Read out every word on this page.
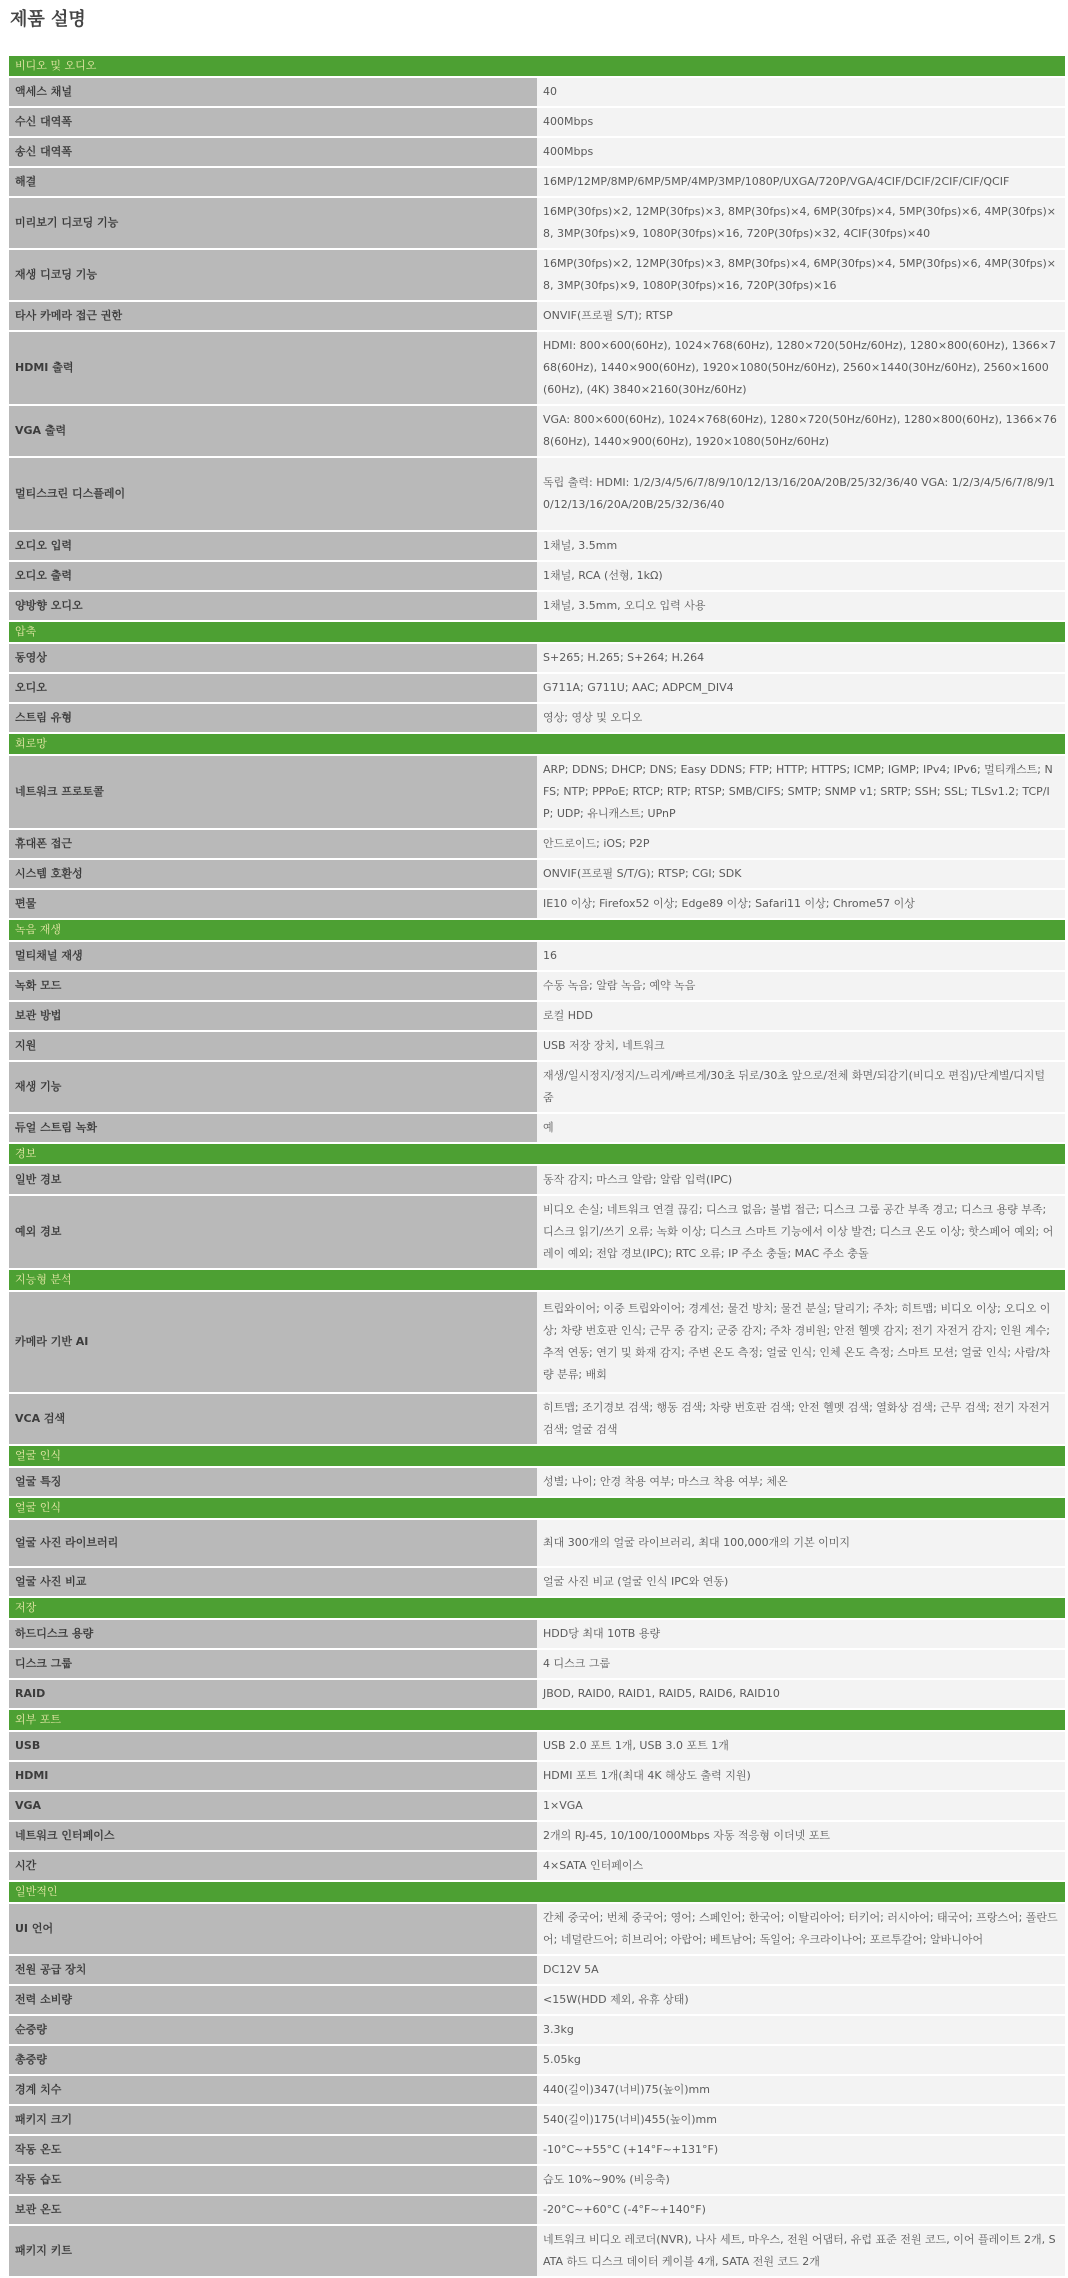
제품 설명
비디오 및 오디오	
액세스 채널	40
수신 대역폭	400Mbps
송신 대역폭	400Mbps
해결	16MP/12MP/8MP/6MP/5MP/4MP/3MP/1080P/UXGA/720P/VGA/4CIF/DCIF/2CIF/CIF/QCIF
미리보기 디코딩 기능	16MP(30fps)×2, 12MP(30fps)×3, 8MP(30fps)×4, 6MP(30fps)×4, 5MP(30fps)×6, 4MP(30fps)×8, 3MP(30fps)×9, 1080P(30fps)×16, 720P(30fps)×32, 4CIF(30fps)×40
재생 디코딩 기능	16MP(30fps)×2, 12MP(30fps)×3, 8MP(30fps)×4, 6MP(30fps)×4, 5MP(30fps)×6, 4MP(30fps)×8, 3MP(30fps)×9, 1080P(30fps)×16, 720P(30fps)×16
타사 카메라 접근 권한	ONVIF(프로필 S/T); RTSP
HDMI 출력	HDMI: 800×600(60Hz), 1024×768(60Hz), 1280×720(50Hz/60Hz), 1280×800(60Hz), 1366×768(60Hz), 1440×900(60Hz), 1920×1080(50Hz/60Hz), 2560×1440(30Hz/60Hz), 2560×1600(60Hz), (4K) 3840×2160(30Hz/60Hz)
VGA 출력	VGA: 800×600(60Hz), 1024×768(60Hz), 1280×720(50Hz/60Hz), 1280×800(60Hz), 1366×768(60Hz), 1440×900(60Hz), 1920×1080(50Hz/60Hz)
멀티스크린 디스플레이	독립 출력: HDMI: 1/2/3/4/5/6/7/8/9/10/12/13/16/20A/20B/25/32/36/40 VGA: 1/2/3/4/5/6/7/8/9/10/12/13/16/20A/20B/25/32/36/40
오디오 입력	1채널, 3.5mm
오디오 출력	1채널, RCA (선형, 1kΩ)
양방향 오디오	1채널, 3.5mm, 오디오 입력 사용
압축	
동영상	S+265; H.265; S+264; H.264
오디오	G711A; G711U; AAC; ADPCM_DIV4
스트림 유형	영상; 영상 및 오디오
회로망	
네트워크 프로토콜	ARP; DDNS; DHCP; DNS; Easy DDNS; FTP; HTTP; HTTPS; ICMP; IGMP; IPv4; IPv6; 멀티캐스트; NFS; NTP; PPPoE; RTCP; RTP; RTSP; SMB/CIFS; SMTP; SNMP v1; SRTP; SSH; SSL; TLSv1.2; TCP/IP; UDP; 유니캐스트; UPnP
휴대폰 접근	안드로이드; iOS; P2P
시스템 호환성	ONVIF(프로필 S/T/G); RTSP; CGI; SDK
편물	IE10 이상; Firefox52 이상; Edge89 이상; Safari11 이상; Chrome57 이상
녹음 재생	
멀티채널 재생	16
녹화 모드	수동 녹음; 알람 녹음; 예약 녹음
보관 방법	로컬 HDD
지원	USB 저장 장치, 네트워크
재생 기능	재생/일시정지/정지/느리게/빠르게/30초 뒤로/30초 앞으로/전체 화면/되감기(비디오 편집)/단계별/디지털 줌
듀얼 스트림 녹화	예
경보	
일반 경보	동작 감지; 마스크 알람; 알람 입력(IPC)
예외 경보	비디오 손실; 네트워크 연결 끊김; 디스크 없음; 불법 접근; 디스크 그룹 공간 부족 경고; 디스크 용량 부족; 디스크 읽기/쓰기 오류; 녹화 이상; 디스크 스마트 기능에서 이상 발견; 디스크 온도 이상; 핫스페어 예외; 어레이 예외; 전압 경보(IPC); RTC 오류; IP 주소 충돌; MAC 주소 충돌
지능형 분석	
카메라 기반 AI	트립와이어; 이중 트립와이어; 경계선; 물건 방치; 물건 분실; 달리기; 주차; 히트맵; 비디오 이상; 오디오 이상; 차량 번호판 인식; 근무 중 감지; 군중 감지; 주차 경비원; 안전 헬멧 감지; 전기 자전거 감지; 인원 계수; 추적 연동; 연기 및 화재 감지; 주변 온도 측정; 얼굴 인식; 인체 온도 측정; 스마트 모션; 얼굴 인식; 사람/차량 분류; 배회
VCA 검색	히트맵; 조기경보 검색; 행동 검색; 차량 번호판 검색; 안전 헬멧 검색; 열화상 검색; 근무 검색; 전기 자전거 검색; 얼굴 검색
얼굴 인식	
얼굴 특징	성별; 나이; 안경 착용 여부; 마스크 착용 여부; 체온
얼굴 인식	
얼굴 사진 라이브러리	최대 300개의 얼굴 라이브러리, 최대 100,000개의 기본 이미지
얼굴 사진 비교	얼굴 사진 비교 (얼굴 인식 IPC와 연동)
저장	
하드디스크 용량	HDD당 최대 10TB 용량
디스크 그룹	4 디스크 그룹
RAID	JBOD, RAID0, RAID1, RAID5, RAID6, RAID10
외부 포트	
USB	USB 2.0 포트 1개, USB 3.0 포트 1개
HDMI	HDMI 포트 1개(최대 4K 해상도 출력 지원)
VGA	1×VGA
네트워크 인터페이스	2개의 RJ-45, 10/100/1000Mbps 자동 적응형 이더넷 포트
시간	4×SATA 인터페이스
일반적인	
UI 언어	간체 중국어; 번체 중국어; 영어; 스페인어; 한국어; 이탈리아어; 터키어; 러시아어; 태국어; 프랑스어; 폴란드어; 네덜란드어; 히브리어; 아랍어; 베트남어; 독일어; 우크라이나어; 포르투갈어; 알바니아어
전원 공급 장치	DC12V 5A
전력 소비량	<15W(HDD 제외, 유휴 상태)
순중량	3.3kg
총중량	5.05kg
경계 치수	440(길이)347(너비)75(높이)mm
패키지 크기	540(길이)175(너비)455(높이)mm
작동 온도	-10°C~+55°C (+14°F~+131°F)
작동 습도	습도 10%~90% (비응축)
보관 온도	-20°C~+60°C (-4°F~+140°F)
패키지 키트	네트워크 비디오 레코더(NVR), 나사 세트, 마우스, 전원 어댑터, 유럽 표준 전원 코드, 이어 플레이트 2개, SATA 하드 디스크 데이터 케이블 4개, SATA 전원 코드 2개
